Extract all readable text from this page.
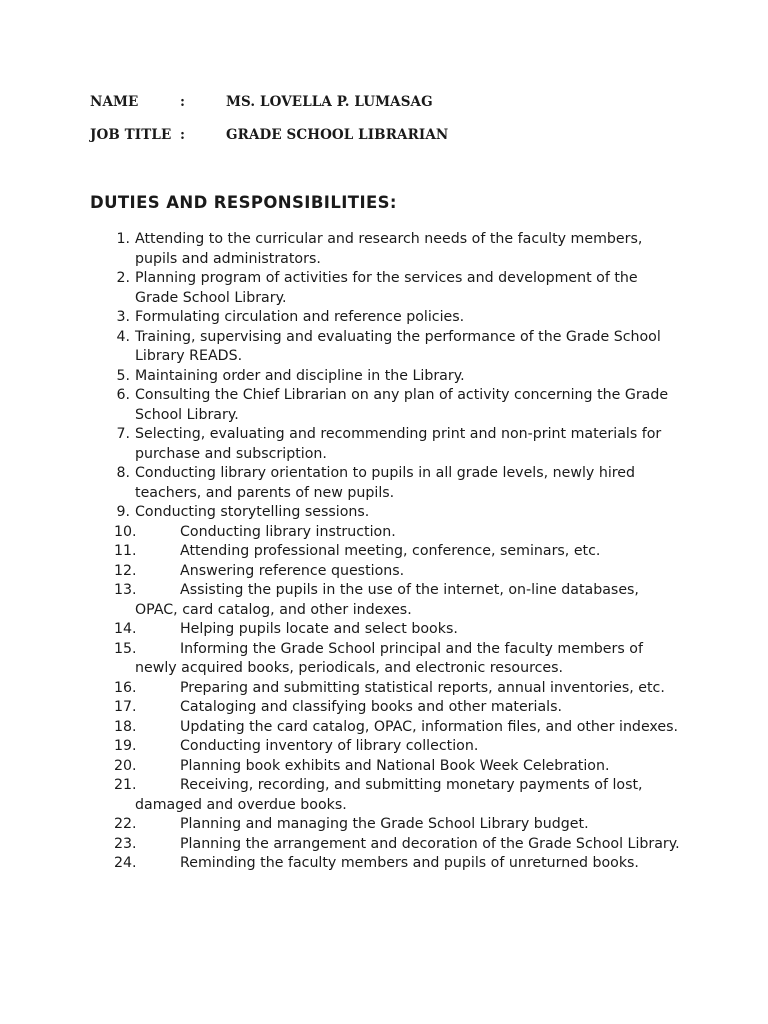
NAME	:	MS. LOVELLA P. LUMASAG
JOB TITLE :	GRADE SCHOOL LIBRARIAN
DUTIES AND RESPONSIBILITIES:
1. Attending to the curricular and research needs of the faculty members, pupils and administrators.
2. Planning program of activities for the services and development of the Grade School Library.
3. Formulating circulation and reference policies.
4. Training, supervising and evaluating the performance of the Grade School Library READS.
5. Maintaining order and discipline in the Library.
6. Consulting the Chief Librarian on any plan of activity concerning the Grade School Library.
7. Selecting, evaluating and recommending print and non-print materials for purchase and subscription.
8. Conducting library orientation to pupils in all grade levels, newly hired teachers, and parents of new pupils.
9. Conducting storytelling sessions.
10.	Conducting library instruction.
11.	Attending professional meeting, conference, seminars, etc.
12.	Answering reference questions.
13.	Assisting the pupils in the use of the internet, on-line databases, OPAC, card catalog, and other indexes.
14.	Helping pupils locate and select books.
15.	Informing the Grade School principal and the faculty members of newly acquired books, periodicals, and electronic resources.
16.	Preparing and submitting statistical reports, annual inventories, etc.
17.	Cataloging and classifying books and other materials.
18.	Updating the card catalog, OPAC, information files, and other indexes.
19.	Conducting inventory of library collection.
20.	Planning book exhibits and National Book Week Celebration.
21.	Receiving, recording, and submitting monetary payments of lost, damaged and overdue books.
22.	Planning and managing the Grade School Library budget.
23.	Planning the arrangement and decoration of the Grade School Library.
24.	Reminding the faculty members and pupils of unreturned books.
